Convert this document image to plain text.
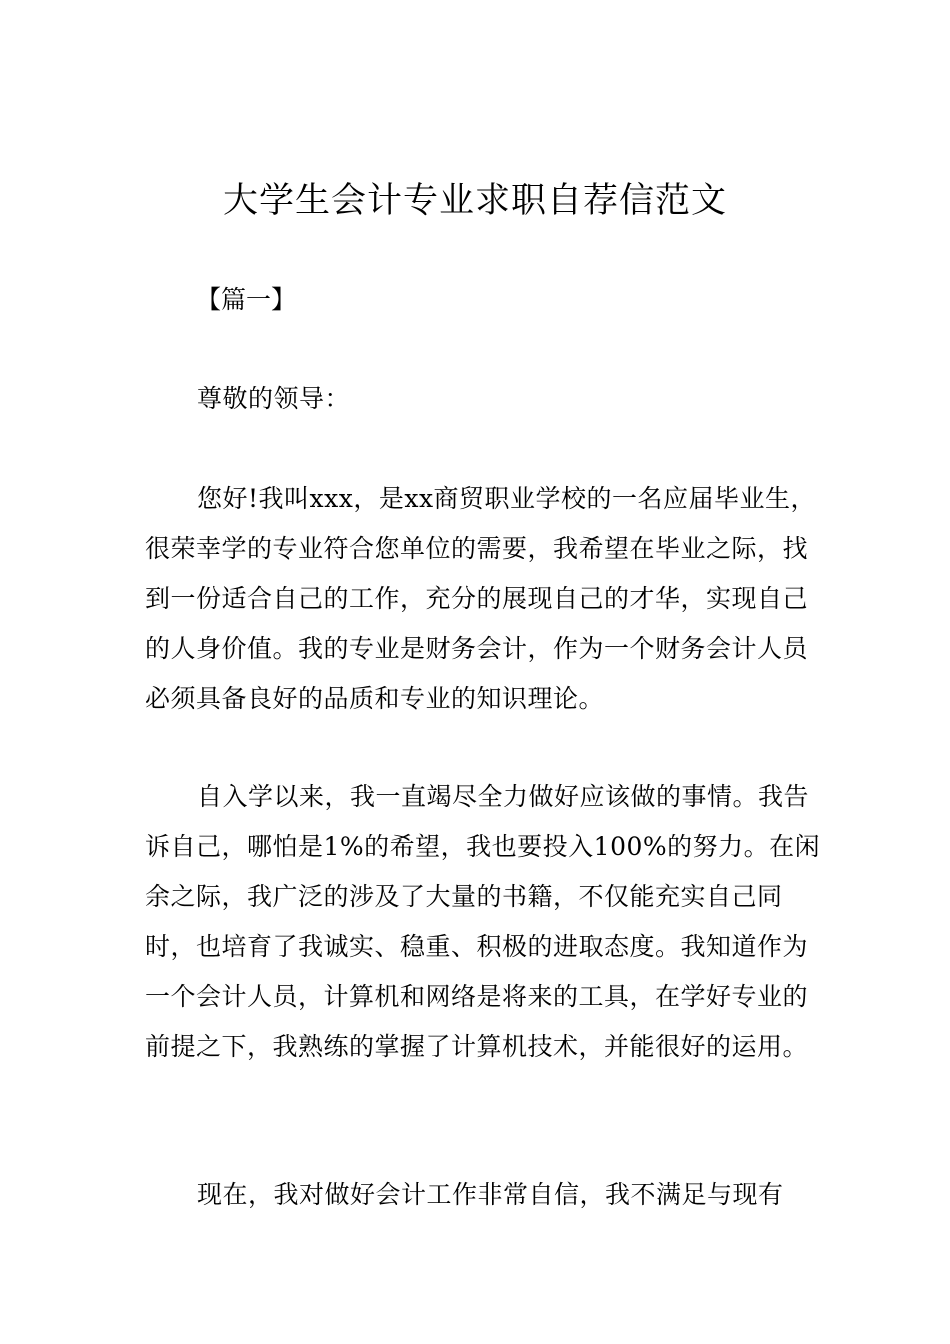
大学生会计专业求职自荐信范文
【篇一】

尊敬的领导：

您好!我叫xxx，是xx商贸职业学校的一名应届毕业生，很荣幸学的专业符合您单位的需要，我希望在毕业之际，找到一份适合自己的工作，充分的展现自己的才华，实现自己的人身价值。我的专业是财务会计，作为一个财务会计人员必须具备良好的品质和专业的知识理论。

自入学以来，我一直竭尽全力做好应该做的事情。我告诉自己，哪怕是1%的希望，我也要投入100%的努力。在闲余之际，我广泛的涉及了大量的书籍，不仅能充实自己同时，也培育了我诚实、稳重、积极的进取态度。我知道作为一个会计人员，计算机和网络是将来的工具，在学好专业的前提之下，我熟练的掌握了计算机技术，并能很好的运用。

现在，我对做好会计工作非常自信，我不满足与现有
